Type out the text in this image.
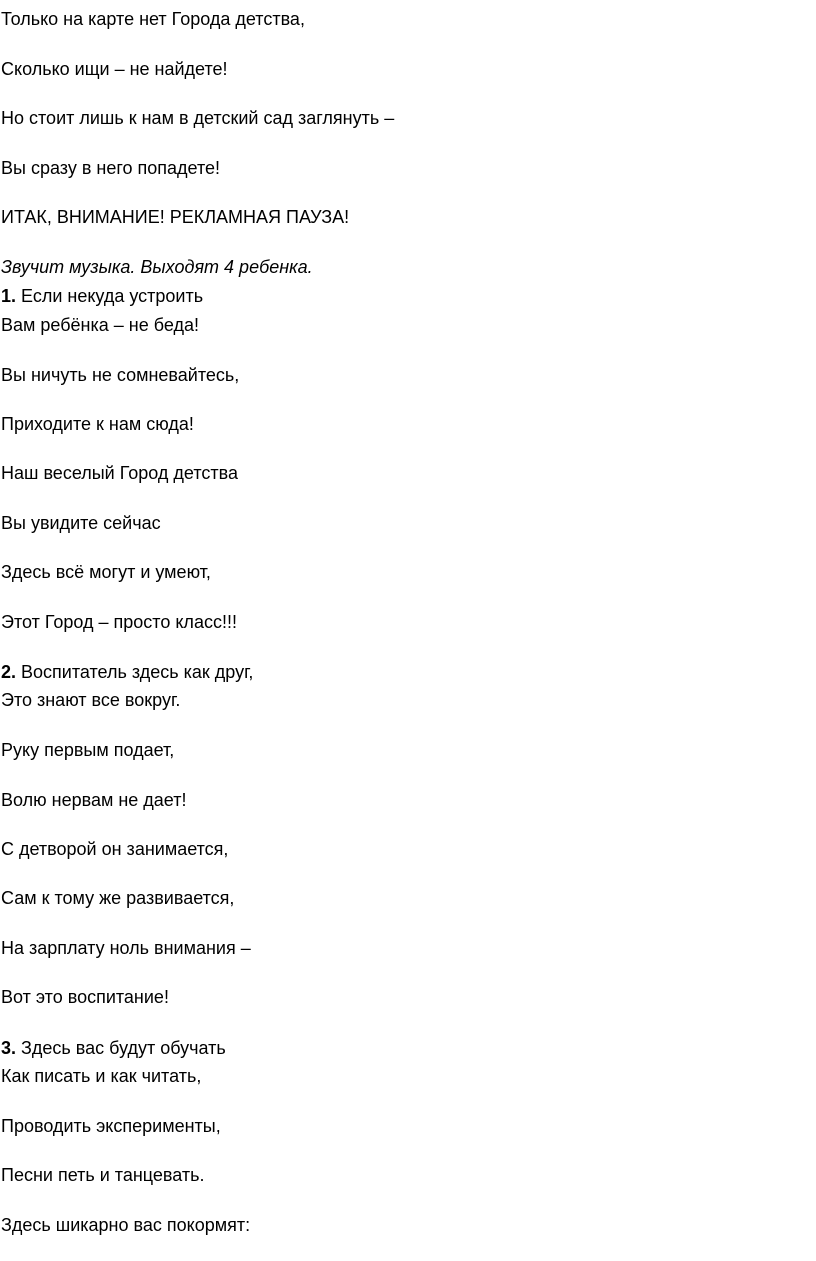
Только на карте нет Города детства,
Сколько ищи – не найдете!
Но стоит лишь к нам в детский сад заглянуть –
Вы сразу в него попадете!
ИТАК, ВНИМАНИЕ! РЕКЛАМНАЯ ПАУЗА!
Звучит музыка. Выходят 4 ребенка.
1. Если некуда устроить
Вам ребёнка – не беда!
Вы ничуть не сомневайтесь,
Приходите к нам сюда!
Наш веселый Город детства
Вы увидите сейчас
Здесь всё могут и умеют,
Этот Город – просто класс!!!
2. Воспитатель здесь как друг,
Это знают все вокруг.
Руку первым подает,
Волю нервам не дает!
С детворой он занимается,
Сам к тому же развивается,
На зарплату ноль внимания –
Вот это воспитание!
3. Здесь вас будут обучать
Как писать и как читать,
Проводить эксперименты,
Песни петь и танцевать.
Здесь шикарно вас покормят:
